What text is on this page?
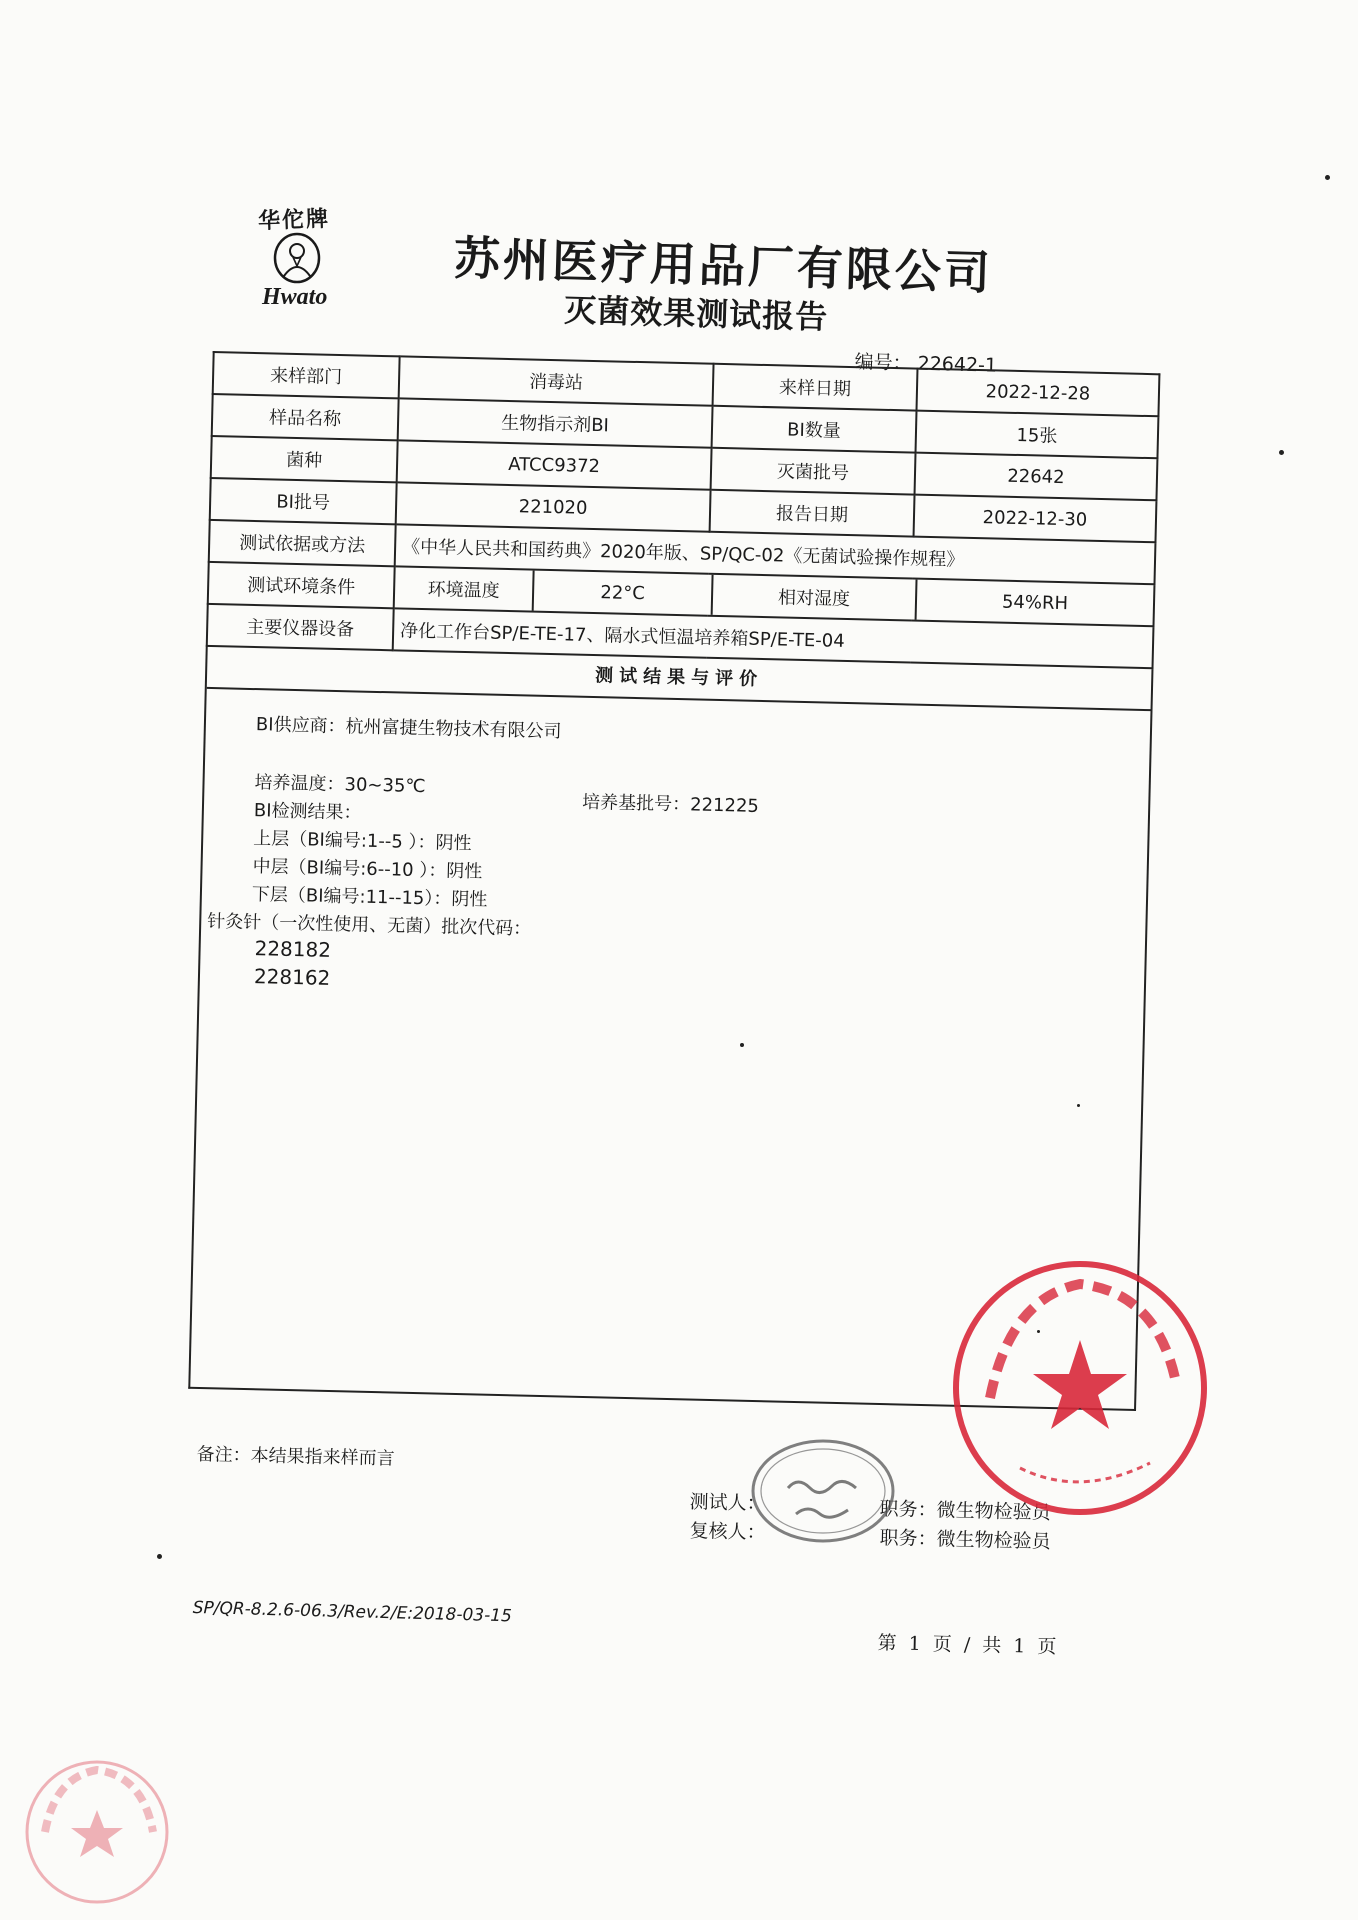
华佗牌
Hwato	苏州医疗用品厂有限公司
灭菌效果测试报告
编号： 22642-1
来样部门	消毒站	来样日期	2022-12-28
样品名称	生物指示剂BI	BI数量	15张
菌种	ATCC9372	灭菌批号	22642
BI批号	221020	报告日期	2022-12-30
测试依据或方法	《中华人民共和国药典》2020年版、SP/QC-02《无菌试验操作规程》
测试环境条件		环境温度	22°C	相对湿度	54%RH

主要仪器设备	净化工作台SP/E-TE-17、隔水式恒温培养箱SP/E-TE-04
测试结果与评价
BI供应商：杭州富捷生物技术有限公司
培养温度：30~35℃
培养基批号：221225
BI检测结果：
上层（BI编号:1--5 ）：阴性
中层（BI编号:6--10 ）：阴性
下层（BI编号:11--15）：阴性
针灸针（一次性使用、无菌）批次代码：
228182
228162
备注：本结果指来样而言
测试人：
复核人：
职务：微生物检验员
职务：微生物检验员
SP/QR-8.2.6-06.3/Rev.2/E:2018-03-15
第 1 页 / 共 1 页
